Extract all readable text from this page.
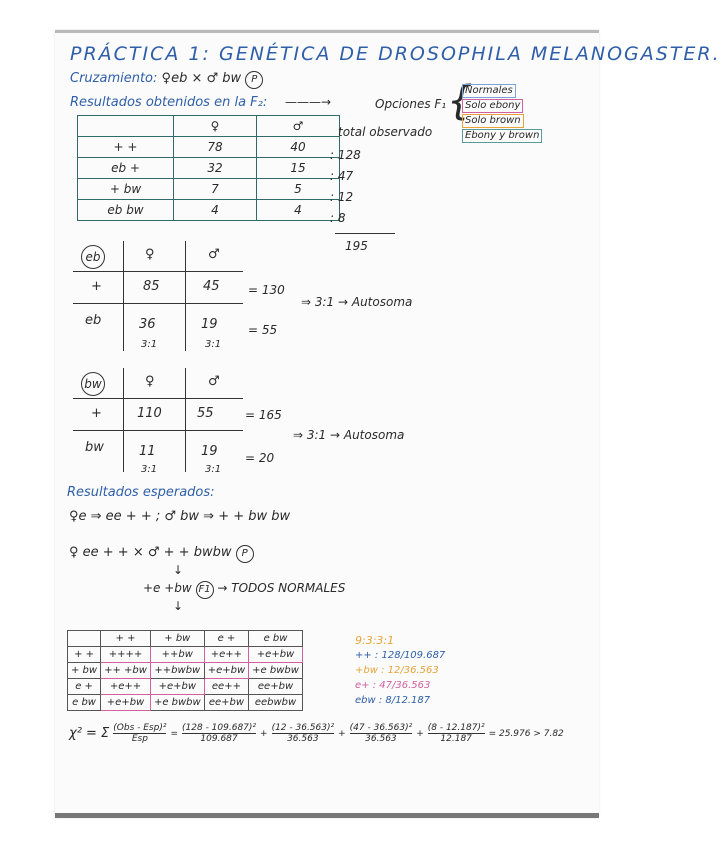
PRÁCTICA 1: GENÉTICA DE DROSOPHILA MELANOGASTER.
Cruzamiento: ♀eb × ♂ bw P
Resultados obtenidos en la F₂: ———→	Opciones F₁ {
Normales
Solo ebony
Solo brown
Ebony y brown
	♀	♂
+ +	78	40
eb +	32	15
+ bw	7	5
eb bw	4	4
total observado
: 128
: 47
: 12
: 8
195
eb	♀	♂
+	85	45
eb	36	19
3:1	3:1
= 130
= 55
⇒ 3:1 → Autosoma
bw	♀	♂
+	110	55
bw	11	19
3:1	3:1
= 165
= 20
⇒ 3:1 → Autosoma
Resultados esperados:
♀e ⇒ ee + + ; ♂ bw ⇒ + + bw bw
♀ ee + + × ♂ + + bwbw P
↓
+e +bw F1 → TODOS NORMALES
↓
	+ +	+ bw	e +	e bw
+ +	++++	++bw	+e++	+e+bw
+ bw	++ +bw	++bwbw	+e+bw	+e bwbw
e +	+e++	+e+bw	ee++	ee+bw
e bw	+e+bw	+e bwbw	ee+bw	eebwbw
9:3:3:1
++ : 128/109.687
+bw : 12/36.563
e+ : 47/36.563
ebw : 8/12.187
χ² = Σ (Obs - Esp)²
Esp
= $\frac{\text{(128 - 109.687)²}}{109.687} + \frac{\text{(12 - 36.563)²}}{36.563} + \frac{\text{(47 - 36.563)²}}{36.563} + \frac{\text{(8 - 12.187)²}}{12.187} = 25.976 > 7.82$
